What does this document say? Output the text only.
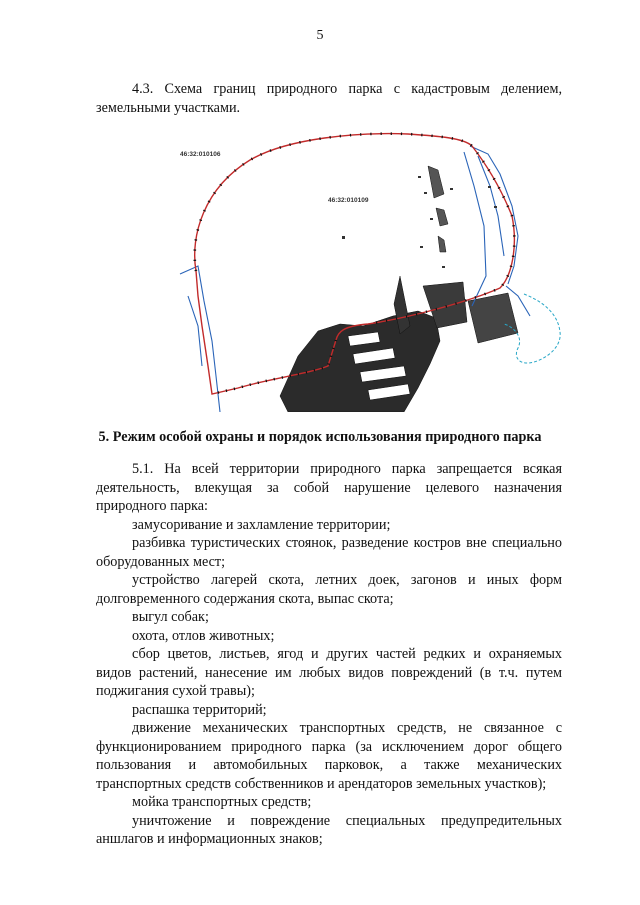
5
4.3. Схема границ природного парка с кадастровым делением,
земельными участками.
46:32:010106
46:32:010109
5. Режим особой охраны и порядок использования природного парка
5.1. На всей территории природного парка запрещается всякая
деятельность, влекущая за собой нарушение целевого назначения
природного парка:
замусоривание и захламление территории;
разбивка туристических стоянок, разведение костров вне специально
оборудованных мест;
устройство лагерей скота, летних доек, загонов и иных форм
долговременного содержания скота, выпас скота;
выгул собак;
охота, отлов животных;
сбор цветов, листьев, ягод и других частей редких и охраняемых
видов растений, нанесение им любых видов повреждений (в т.ч. путем
поджигания сухой травы);
распашка территорий;
движение механических транспортных средств, не связанное с
функционированием природного парка (за исключением дорог общего
пользования и автомобильных парковок, а также механических
транспортных средств собственников и арендаторов земельных участков);
мойка транспортных средств;
уничтожение и повреждение специальных предупредительных
аншлагов и информационных знаков;
